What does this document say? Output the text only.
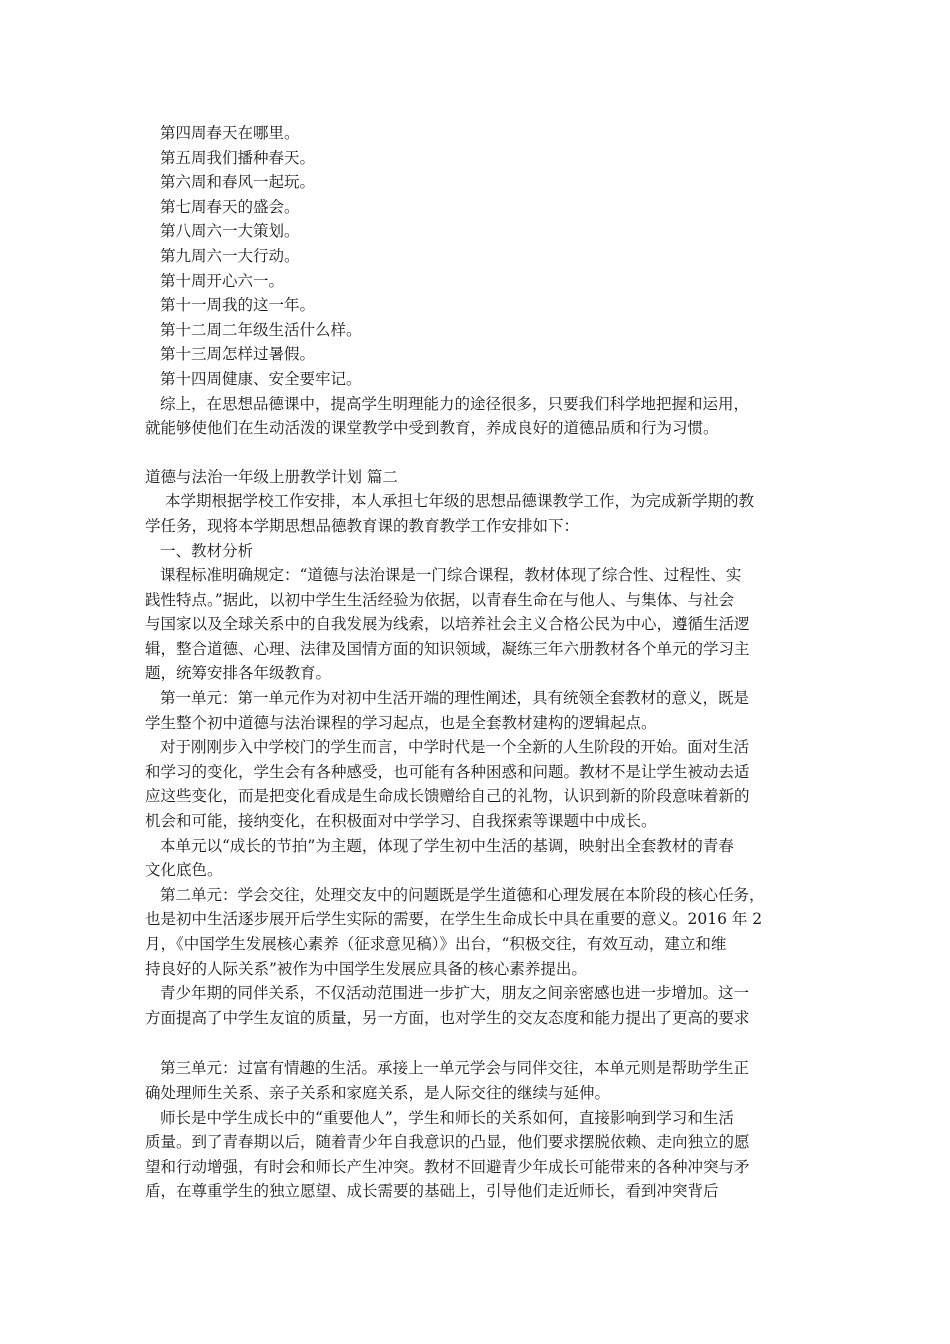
第四周春天在哪里。
第五周我们播种春天。
第六周和春风一起玩。
第七周春天的盛会。
第八周六一大策划。
第九周六一大行动。
第十周开心六一。
第十一周我的这一年。
第十二周二年级生活什么样。
第十三周怎样过暑假。
第十四周健康、安全要牢记。
综上，在思想品德课中，提高学生明理能力的途径很多，只要我们科学地把握和运用，
就能够使他们在生动活泼的课堂教学中受到教育，养成良好的道德品质和行为习惯。
道德与法治一年级上册教学计划 篇二
本学期根据学校工作安排，本人承担七年级的思想品德课教学工作，为完成新学期的教
学任务，现将本学期思想品德教育课的教育教学工作安排如下：
一、教材分析
课程标准明确规定：“道德与法治课是一门综合课程，教材体现了综合性、过程性、实
践性特点。”据此，以初中学生生活经验为依据，以青春生命在与他人、与集体、与社会
与国家以及全球关系中的自我发展为线索，以培养社会主义合格公民为中心，遵循生活逻
辑，整合道德、心理、法律及国情方面的知识领域，凝练三年六册教材各个单元的学习主
题，统筹安排各年级教育。
第一单元：第一单元作为对初中生活开端的理性阐述，具有统领全套教材的意义，既是
学生整个初中道德与法治课程的学习起点，也是全套教材建构的逻辑起点。
对于刚刚步入中学校门的学生而言，中学时代是一个全新的人生阶段的开始。面对生活
和学习的变化，学生会有各种感受，也可能有各种困惑和问题。教材不是让学生被动去适
应这些变化，而是把变化看成是生命成长馈赠给自己的礼物，认识到新的阶段意味着新的
机会和可能，接纳变化，在积极面对中学学习、自我探索等课题中中成长。
本单元以“成长的节拍”为主题，体现了学生初中生活的基调，映射出全套教材的青春
文化底色。
第二单元：学会交往，处理交友中的问题既是学生道德和心理发展在本阶段的核心任务，
也是初中生活逐步展开后学生实际的需要，在学生生命成长中具在重要的意义。2016 年 2
月，《中国学生发展核心素养（征求意见稿）》出台，“积极交往，有效互动，建立和维
持良好的人际关系”被作为中国学生发展应具备的核心素养提出。
青少年期的同伴关系，不仅活动范围进一步扩大，朋友之间亲密感也进一步增加。这一
方面提高了中学生友谊的质量，另一方面，也对学生的交友态度和能力提出了更高的要求
第三单元：过富有情趣的生活。承接上一单元学会与同伴交往，本单元则是帮助学生正
确处理师生关系、亲子关系和家庭关系，是人际交往的继续与延伸。
师长是中学生成长中的“重要他人”，学生和师长的关系如何，直接影响到学习和生活
质量。到了青春期以后，随着青少年自我意识的凸显，他们要求摆脱依赖、走向独立的愿
望和行动增强，有时会和师长产生冲突。教材不回避青少年成长可能带来的各种冲突与矛
盾，在尊重学生的独立愿望、成长需要的基础上，引导他们走近师长，看到冲突背后
